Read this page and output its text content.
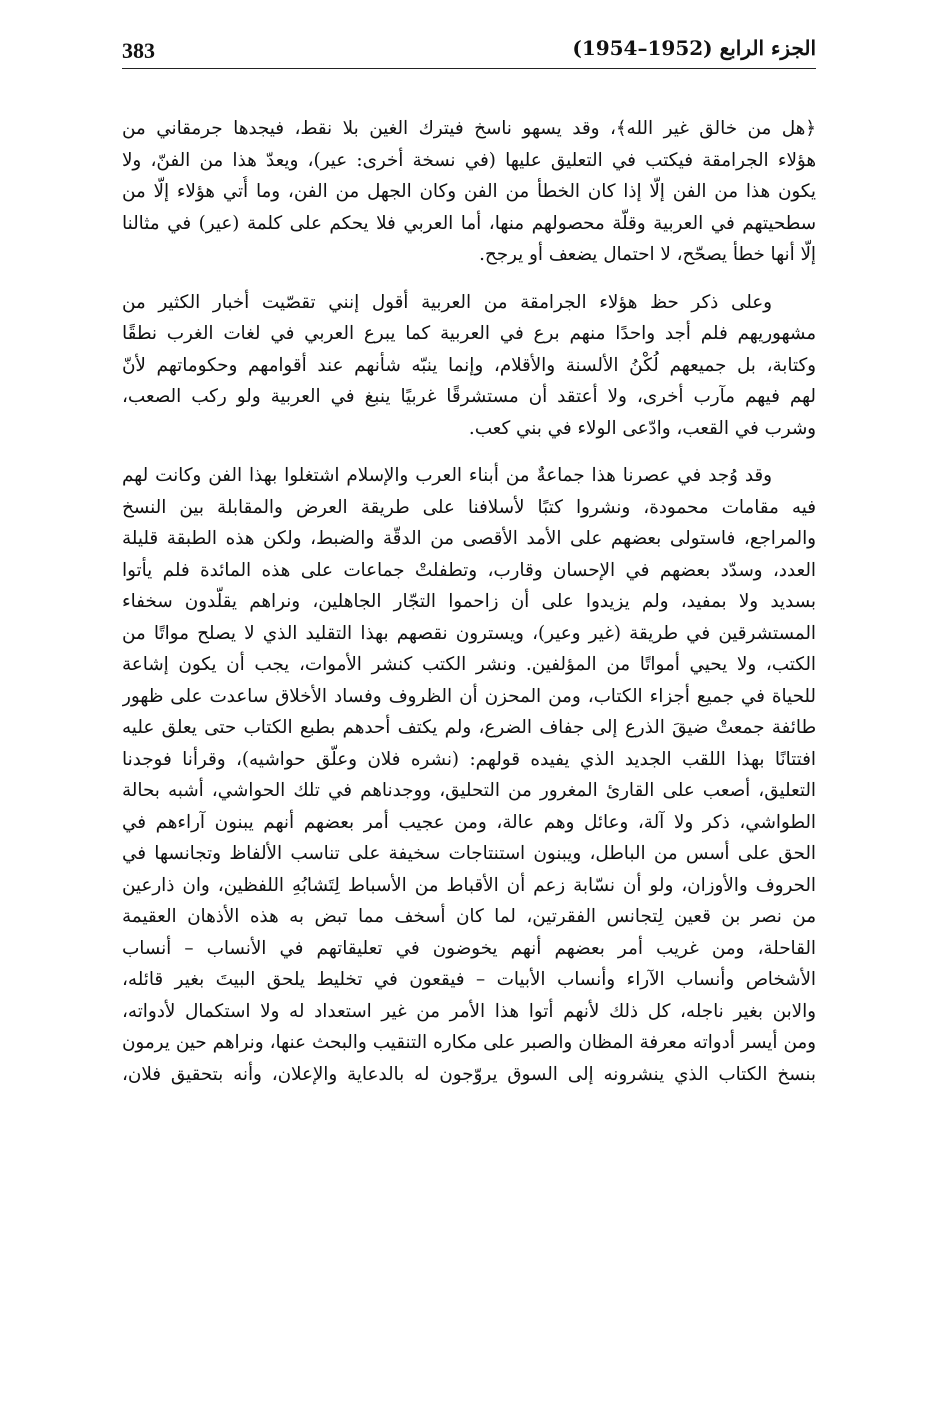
383	الجزء الرابع (1952–1954)
﴿هل من خالق غير الله﴾، وقد يسهو ناسخ فيترك الغين بلا نقط، فيجدها جرمقاني من
هؤلاء الجرامقة فيكتب في التعليق عليها (في نسخة أخرى: عير)، ويعدّ هذا من الفنّ، ولا
يكون هذا من الفن إلّا إذا كان الخطأ من الفن وكان الجهل من الفن، وما أُتي هؤلاء إلّا من
سطحيتهم في العربية وقلّة محصولهم منها، أما العربي فلا يحكم على كلمة (عير) في مثالنا
إلّا أنها خطأ يصحّح، لا احتمال يضعف أو يرجح.
وعلى ذكر حظ هؤلاء الجرامقة من العربية أقول إنني تقصّيت أخبار الكثير من
مشهوريهم فلم أجد واحدًا منهم برع في العربية كما يبرع العربي في لغات الغرب نطقًا
وكتابة، بل جميعهم لُكْنُ الألسنة والأقلام، وإنما ينبّه شأنهم عند أقوامهم وحكوماتهم لأنّ
لهم فيهم مآرب أخرى، ولا أعتقد أن مستشرقًا غربيًا ينبغ في العربية ولو ركب الصعب،
وشرب في القعب، وادّعى الولاء في بني كعب.
وقد وُجد في عصرنا هذا جماعةٌ من أبناء العرب والإسلام اشتغلوا بهذا الفن وكانت لهم
فيه مقامات محمودة، ونشروا كتبًا لأسلافنا على طريقة العرض والمقابلة بين النسخ
والمراجع، فاستولى بعضهم على الأمد الأقصى من الدقّة والضبط، ولكن هذه الطبقة قليلة
العدد، وسدّد بعضهم في الإحسان وقارب، وتطفلتْ جماعات على هذه المائدة فلم يأتوا
بسديد ولا بمفيد، ولم يزيدوا على أن زاحموا التجّار الجاهلين، ونراهم يقلّدون سخفاء
المستشرقين في طريقة (غير وعير)، ويسترون نقصهم بهذا التقليد الذي لا يصلح مواتًا من
الكتب، ولا يحيي أمواتًا من المؤلفين. ونشر الكتب كنشر الأموات، يجب أن يكون إشاعة
للحياة في جميع أجزاء الكتاب، ومن المحزن أن الظروف وفساد الأخلاق ساعدت على ظهور
طائفة جمعتْ ضيقَ الذرع إلى جفاف الضرع، ولم يكتف أحدهم بطبع الكتاب حتى يعلق عليه
افتتانًا بهذا اللقب الجديد الذي يفيده قولهم: (نشره فلان وعلّق حواشيه)، وقرأنا فوجدنا
التعليق، أصعب على القارئ المغرور من التحليق، ووجدناهم في تلك الحواشي، أشبه بحالة
الطواشي، ذكر ولا آلة، وعائل وهم عالة، ومن عجيب أمر بعضهم أنهم يبنون آراءهم في
الحق على أسس من الباطل، ويبنون استنتاجات سخيفة على تناسب الألفاظ وتجانسها في
الحروف والأوزان، ولو أن نسّابة زعم أن الأقباط من الأسباط لِتَشابُهِ اللفظين، وان ذارعين
من نصر بن قعين لِتجانس الفقرتين، لما كان أسخف مما تبض به هذه الأذهان العقيمة
القاحلة، ومن غريب أمر بعضهم أنهم يخوضون في تعليقاتهم في الأنساب – أنساب
الأشخاص وأنساب الآراء وأنساب الأبيات – فيقعون في تخليط يلحق البيتَ بغير قائله،
والابن بغير ناجله، كل ذلك لأنهم أتوا هذا الأمر من غير استعداد له ولا استكمال لأدواته،
ومن أيسر أدواته معرفة المظان والصبر على مكاره التنقيب والبحث عنها، ونراهم حين يرمون
بنسخ الكتاب الذي ينشرونه إلى السوق يروّجون له بالدعاية والإعلان، وأنه بتحقيق فلان،
